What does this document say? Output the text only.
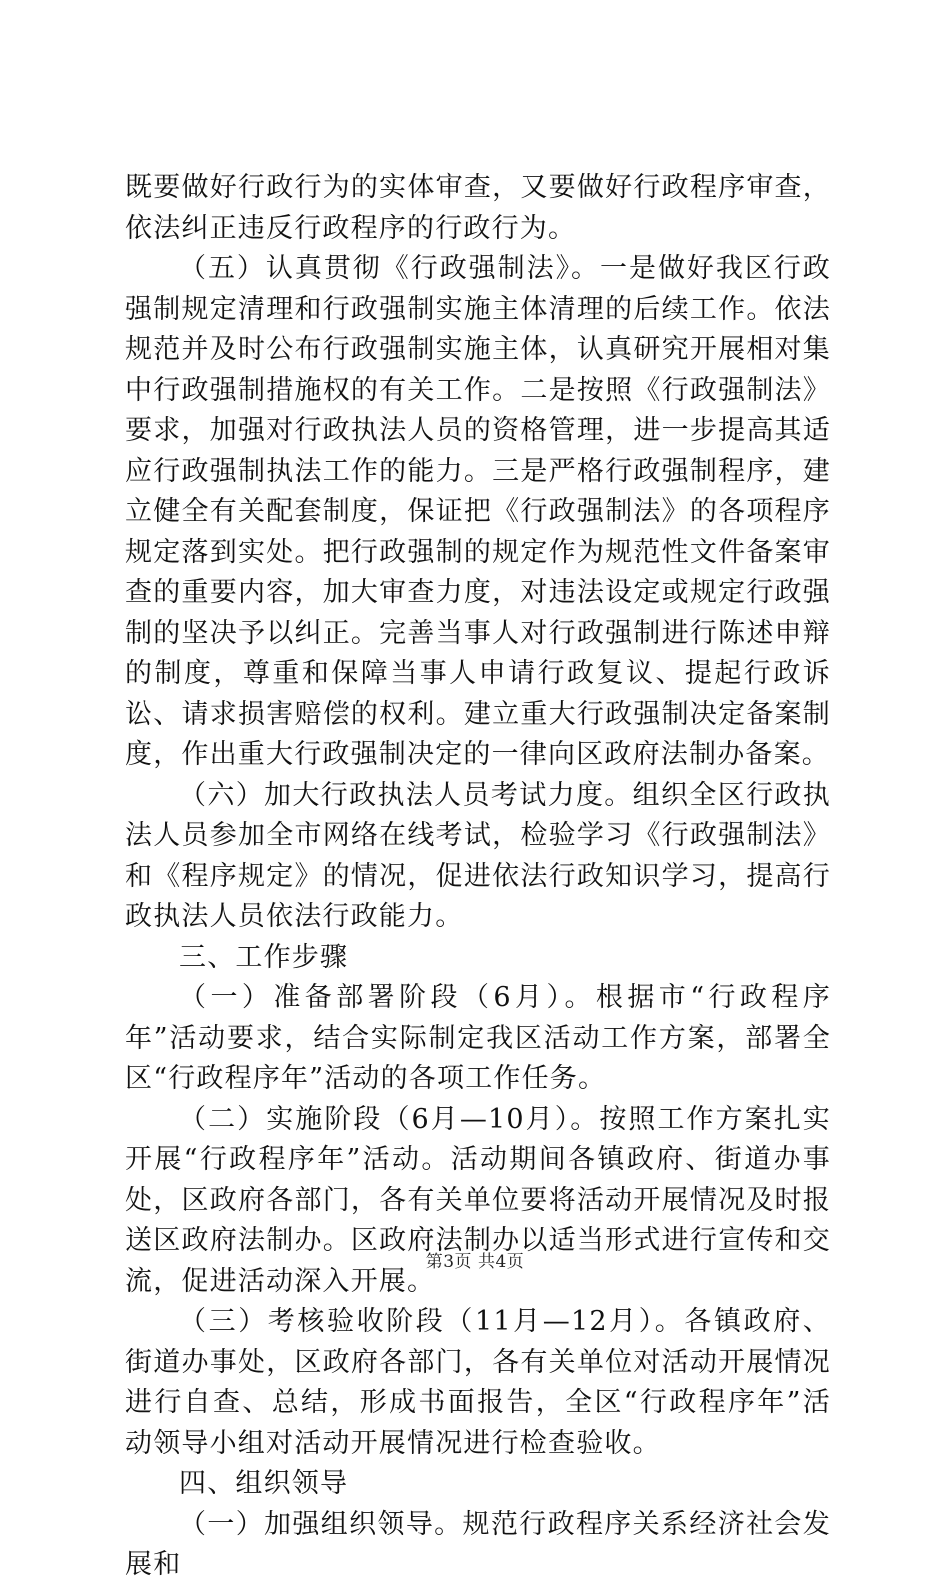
既要做好行政行为的实体审查，又要做好行政程序审查，依法纠正违反行政程序的行政行为。

（五）认真贯彻《行政强制法》。一是做好我区行政强制规定清理和行政强制实施主体清理的后续工作。依法规范并及时公布行政强制实施主体，认真研究开展相对集中行政强制措施权的有关工作。二是按照《行政强制法》要求，加强对行政执法人员的资格管理，进一步提高其适应行政强制执法工作的能力。三是严格行政强制程序，建立健全有关配套制度，保证把《行政强制法》的各项程序规定落到实处。把行政强制的规定作为规范性文件备案审查的重要内容，加大审查力度，对违法设定或规定行政强制的坚决予以纠正。完善当事人对行政强制进行陈述申辩的制度，尊重和保障当事人申请行政复议、提起行政诉讼、请求损害赔偿的权利。建立重大行政强制决定备案制度，作出重大行政强制决定的一律向区政府法制办备案。

（六）加大行政执法人员考试力度。组织全区行政执法人员参加全市网络在线考试，检验学习《行政强制法》和《程序规定》的情况，促进依法行政知识学习，提高行政执法人员依法行政能力。

三、工作步骤

（一）准备部署阶段（6月）。根据市“行政程序年”活动要求，结合实际制定我区活动工作方案，部署全区“行政程序年”活动的各项工作任务。

（二）实施阶段（6月—10月）。按照工作方案扎实开展“行政程序年”活动。活动期间各镇政府、街道办事处，区政府各部门，各有关单位要将活动开展情况及时报送区政府法制办。区政府法制办以适当形式进行宣传和交流，促进活动深入开展。

（三）考核验收阶段（11月—12月）。各镇政府、街道办事处，区政府各部门，各有关单位对活动开展情况进行自查、总结，形成书面报告，全区“行政程序年”活动领导小组对活动开展情况进行检查验收。

四、组织领导

（一）加强组织领导。规范行政程序关系经济社会发展和

第3页 共4页
